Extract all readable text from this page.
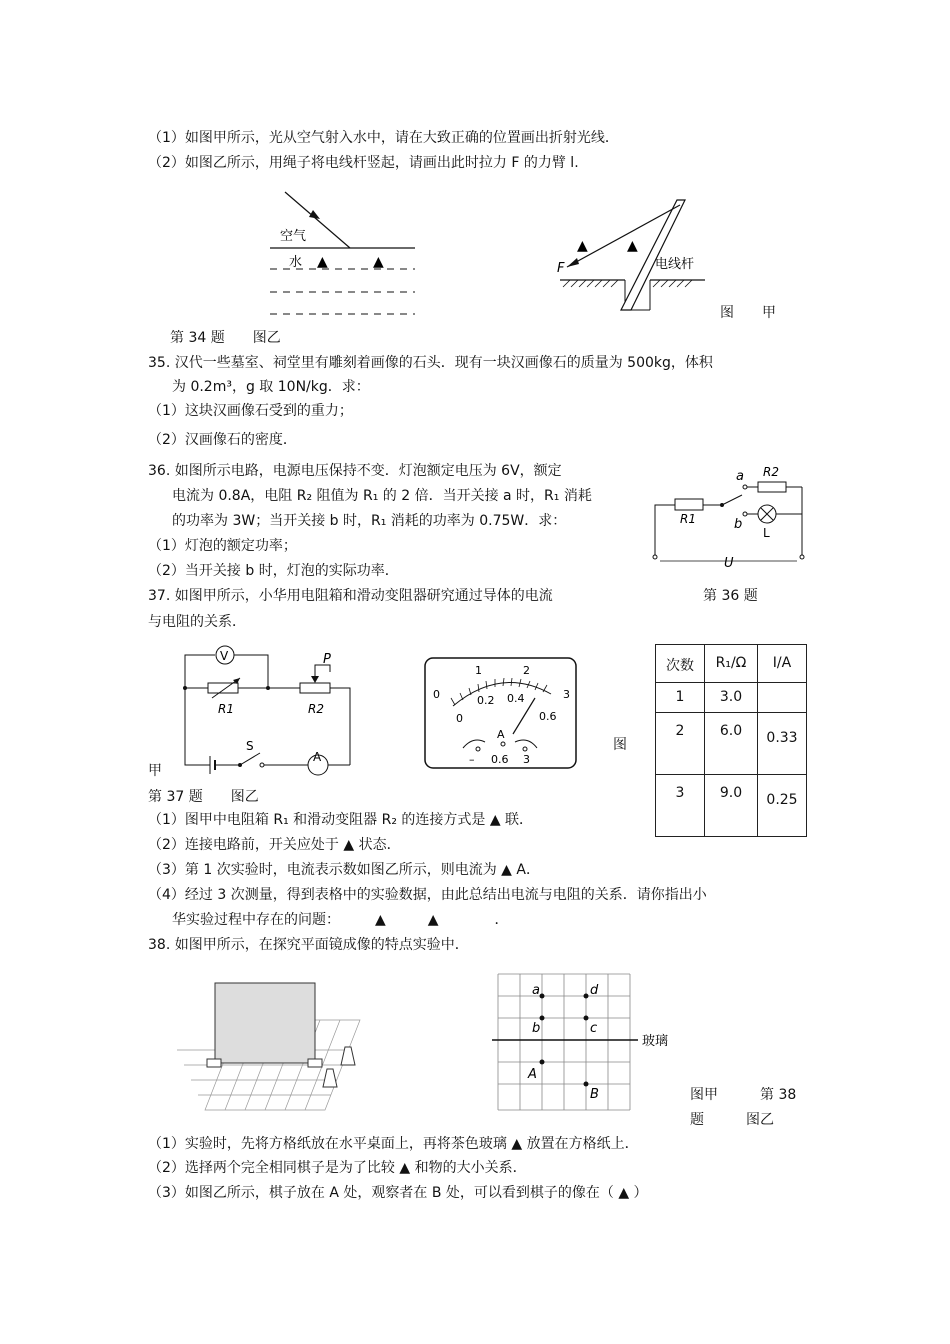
（1）如图甲所示，光从空气射入水中，请在大致正确的位置画出折射光线．
（2）如图乙所示，用绳子将电线杆竖起，请画出此时拉力 F 的力臂 l.
空气
水 ▲	▲	F	电线杆
▲	▲
图　　甲
第 34 题　　图乙
35. 汉代一些墓室、祠堂里有雕刻着画像的石头．现有一块汉画像石的质量为 500kg，体积
为 0.2m³，g 取 10N/kg．求：
（1）这块汉画像石受到的重力；
（2）汉画像石的密度．
36. 如图所示电路，电源电压保持不变．灯泡额定电压为 6V，额定
电流为 0.8A，电阻 R₂ 阻值为 R₁ 的 2 倍．当开关接 a 时，R₁ 消耗
的功率为 3W；当开关接 b 时，R₁ 消耗的功率为 0.75W．求：
（1）灯泡的额定功率；
（2）当开关接 b 时，灯泡的实际功率．
a
b
R1
R2
L
U
第 36 题
37. 如图甲所示，小华用电阻箱和滑动变阻器研究通过导体的电流
与电阻的关系．
V
A
P
R1	R2
S
0
1	2
3
0
0.2 0.4
0.6
A
– 0.6 3
图
甲
第 37 题　　图乙
次数	R₁/Ω	I/A
1	3.0	
2	6.0	0.33
3	9.0	0.25
（1）图甲中电阻箱 R₁ 和滑动变阻器 R₂ 的连接方式是 ▲ 联．
（2）连接电路前，开关应处于 ▲ 状态．
（3）第 1 次实验时，电流表示数如图乙所示，则电流为 ▲ A．
（4）经过 3 次测量，得到表格中的实验数据，由此总结出电流与电阻的关系．请你指出小
华实验过程中存在的问题：　　　▲　　　▲　　　　．
38. 如图甲所示，在探究平面镜成像的特点实验中．
a
b	c
d
A
B
玻璃
图甲　　　第 38
题　　　图乙
（1）实验时，先将方格纸放在水平桌面上，再将茶色玻璃 ▲ 放置在方格纸上．
（2）选择两个完全相同棋子是为了比较 ▲ 和物的大小关系．
（3）如图乙所示，棋子放在 A 处，观察者在 B 处，可以看到棋子的像在（ ▲ ）
